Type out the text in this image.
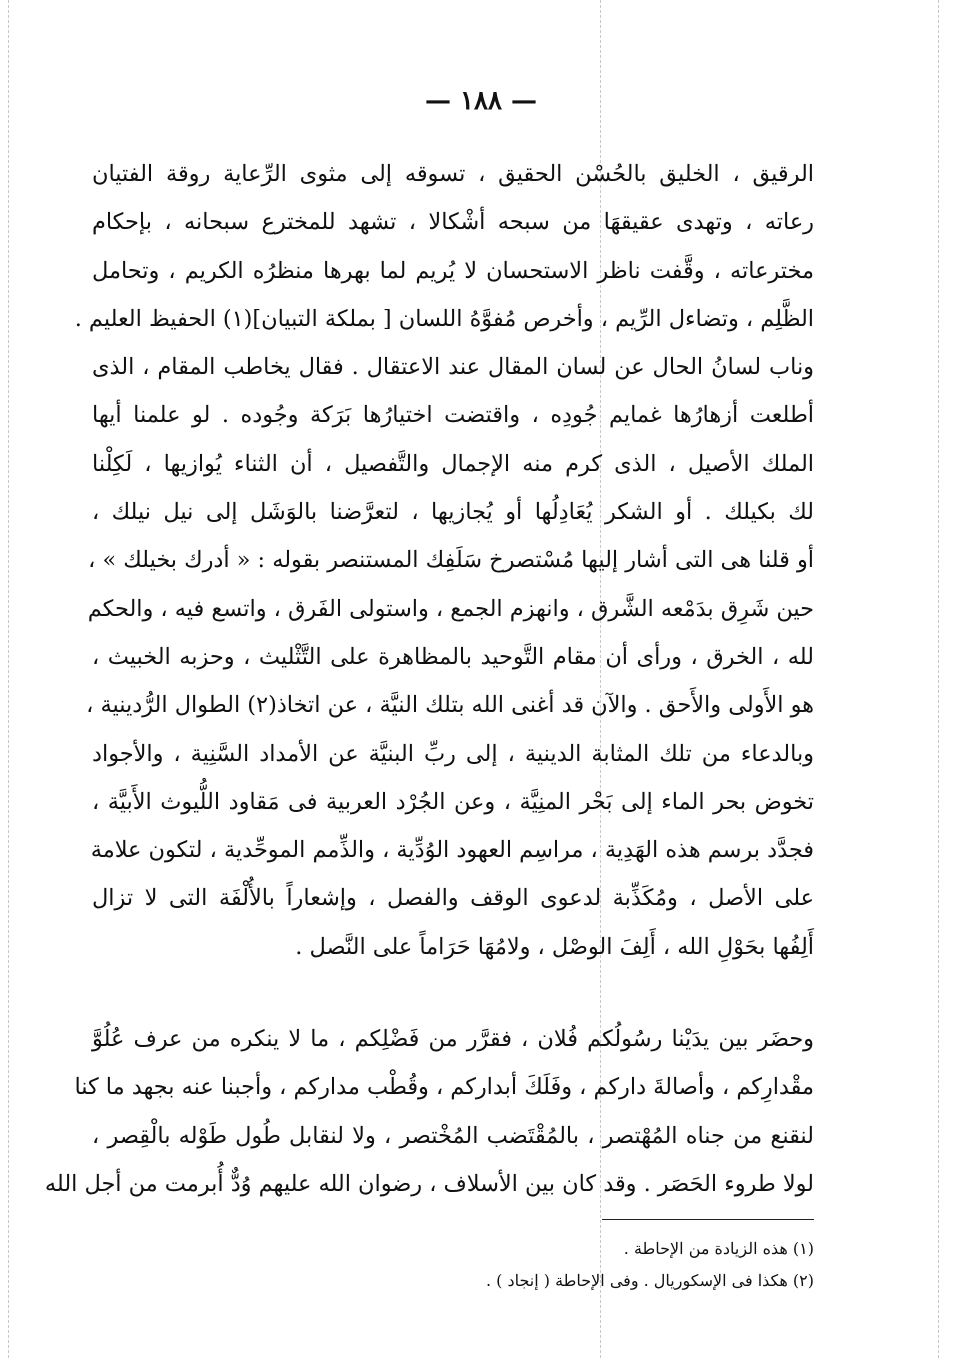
— ١٨٨ —
الرقيق ، الخليق بالحُسْن الحقيق ، تسوقه إلى مثوى الرِّعاية روقة الفتيان
رعاته ، وتهدى عقيقهَا من سبحه أشْكالا ، تشهد للمخترع سبحانه ، بإحكام
مخترعاته ، وقَّفت ناظر الاستحسان لا يُريم لما بهرها منظرُه الكريم ، وتحامل
الظَّلِم ، وتضاءل الرِّيم ، وأخرص مُفوَّهُ اللسان [ بملكة التبيان](١) الحفيظ العليم .
وناب لسانُ الحال عن لسان المقال عند الاعتقال . فقال يخاطب المقام ، الذى
أطلعت أزهارُها غمايم جُودِه ، واقتضت اختيارُها بَرَكة وجُوده . لو علمنا أيها
الملك الأصيل ، الذى كرم منه الإجمال والتَّفصيل ، أن الثناء يُوازيها ، لَكِلْنا
لك بكيلك . أو الشكر يُعَادِلُها أو يُجازيها ، لتعرَّضنا بالوَشَل إلى نيل نيلك ،
أو قلنا هى التى أشار إليها مُسْتصرخ سَلَفِك المستنصر بقوله : « أدرك بخيلك » ،
حين شَرِق بدَمْعه الشَّرق ، وانهزم الجمع ، واستولى الفَرق ، واتسع فيه ، والحكم
لله ، الخرق ، ورأى أن مقام التَّوحيد بالمظاهرة على التَّثْليث ، وحزبه الخبيث ،
هو الأَولى والأَحق . والآن قد أغنى الله بتلك النيَّة ، عن اتخاذ(٢) الطوال الرُّدينية ،
وبالدعاء من تلك المثابة الدينية ، إلى ربِّ البنيَّة عن الأمداد السَّنِية ، والأجواد
تخوض بحر الماء إلى بَحْر المنِيَّة ، وعن الجُرْد العربية فى مَقاود اللُّيوث الأَبيَّة ،
فجدَّد برسم هذه الهَدِية ، مراسِم العهود الوُدِّية ، والذِّمم الموحِّدية ، لتكون علامة
على الأصل ، ومُكَذِّبة لدعوى الوقف والفصل ، وإشعاراً بالأُلْفَة التى لا تزال
أَلِفُها بحَوْلِ الله ، أَلِفَ الوصْل ، ولامُهَا حَرَاماً على النَّصل .
وحضَر بين يدَيْنا رسُولُكم فُلان ، فقرَّر من فَضْلِكم ، ما لا ينكره من عرف عُلُوَّ
مقْدارِكم ، وأصالةَ داركم ، وفَلَكَ أبداركم ، وقُطْب مداركم ، وأجبنا عنه بجهد ما كنا
لنقنع من جناه المُهْتصر ، بالمُقْتَضب المُخْتصر ، ولا لنقابل طُول طَوْله بالْقِصر ،
لولا طروء الحَصَر . وقد كان بين الأسلاف ، رضوان الله عليهم وُدٌّ أُبرمت من أجل الله
(١) هذه الزيادة من الإحاطة .
(٢) هكذا فى الإسكوريال . وفى الإحاطة ( إنجاد ) .
